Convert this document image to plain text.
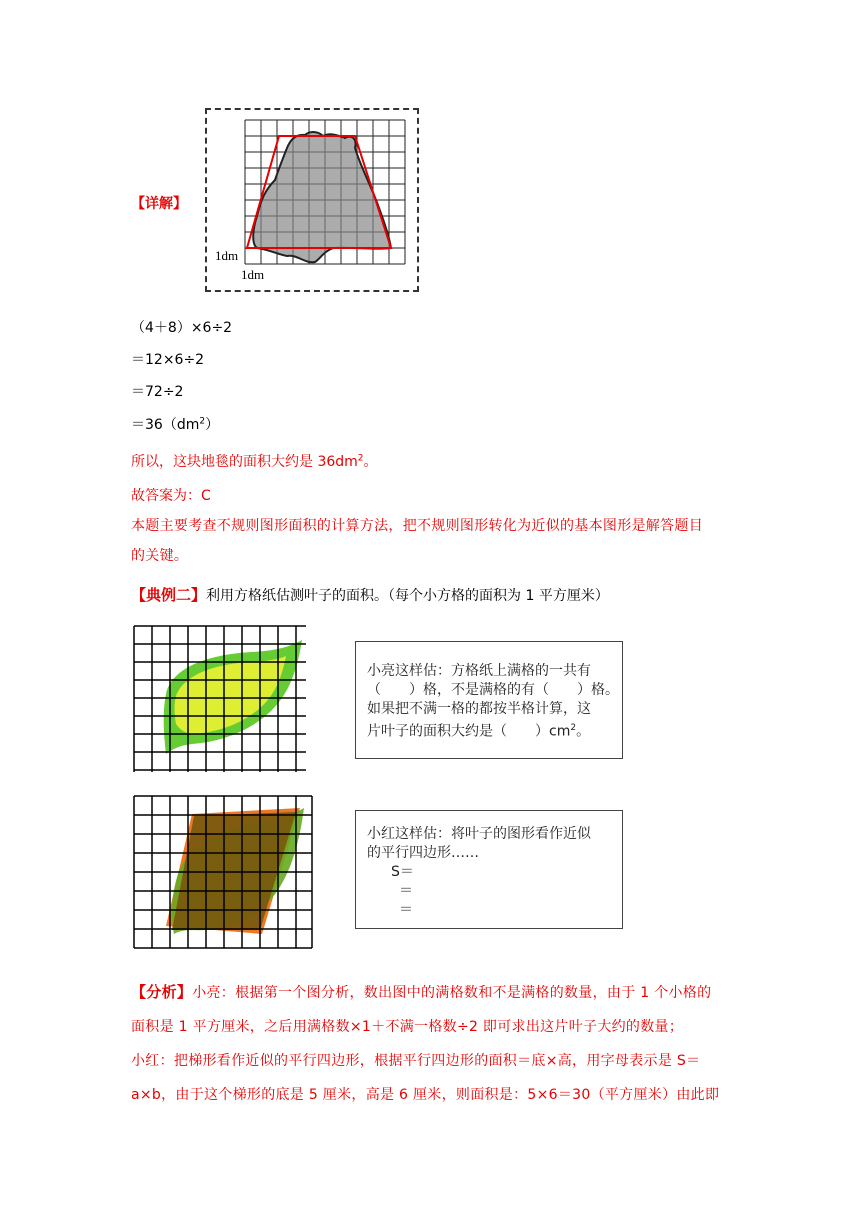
【详解】
1dm
1dm
（4＋8）×6÷2
＝12×6÷2
＝72÷2
$=36(dm^2)$
所以，这块地毯的面积大约是 $36dm^2$。
故答案为：C
本题主要考查不规则图形面积的计算方法，把不规则图形转化为近似的基本图形是解答题目
的关键。
【典例二】利用方格纸估测叶子的面积。（每个小方格的面积为 1 平方厘米）
小亮这样估：方格纸上满格的一共有
（　　）格，不是满格的有（　　）格。
如果把不满一格的都按半格计算，这
片叶子的面积大约是（　　）$cm^2$。
小红这样估：将叶子的图形看作近似
的平行四边形……
S＝
＝
＝
【分析】小亮：根据第一个图分析，数出图中的满格数和不是满格的数量，由于 1 个小格的
面积是 1 平方厘米，之后用满格数×1＋不满一格数÷2 即可求出这片叶子大约的数量；
小红：把梯形看作近似的平行四边形，根据平行四边形的面积＝底×高，用字母表示是 S＝
a×b，由于这个梯形的底是 5 厘米，高是 6 厘米，则面积是：5×6＝30（平方厘米）由此即
